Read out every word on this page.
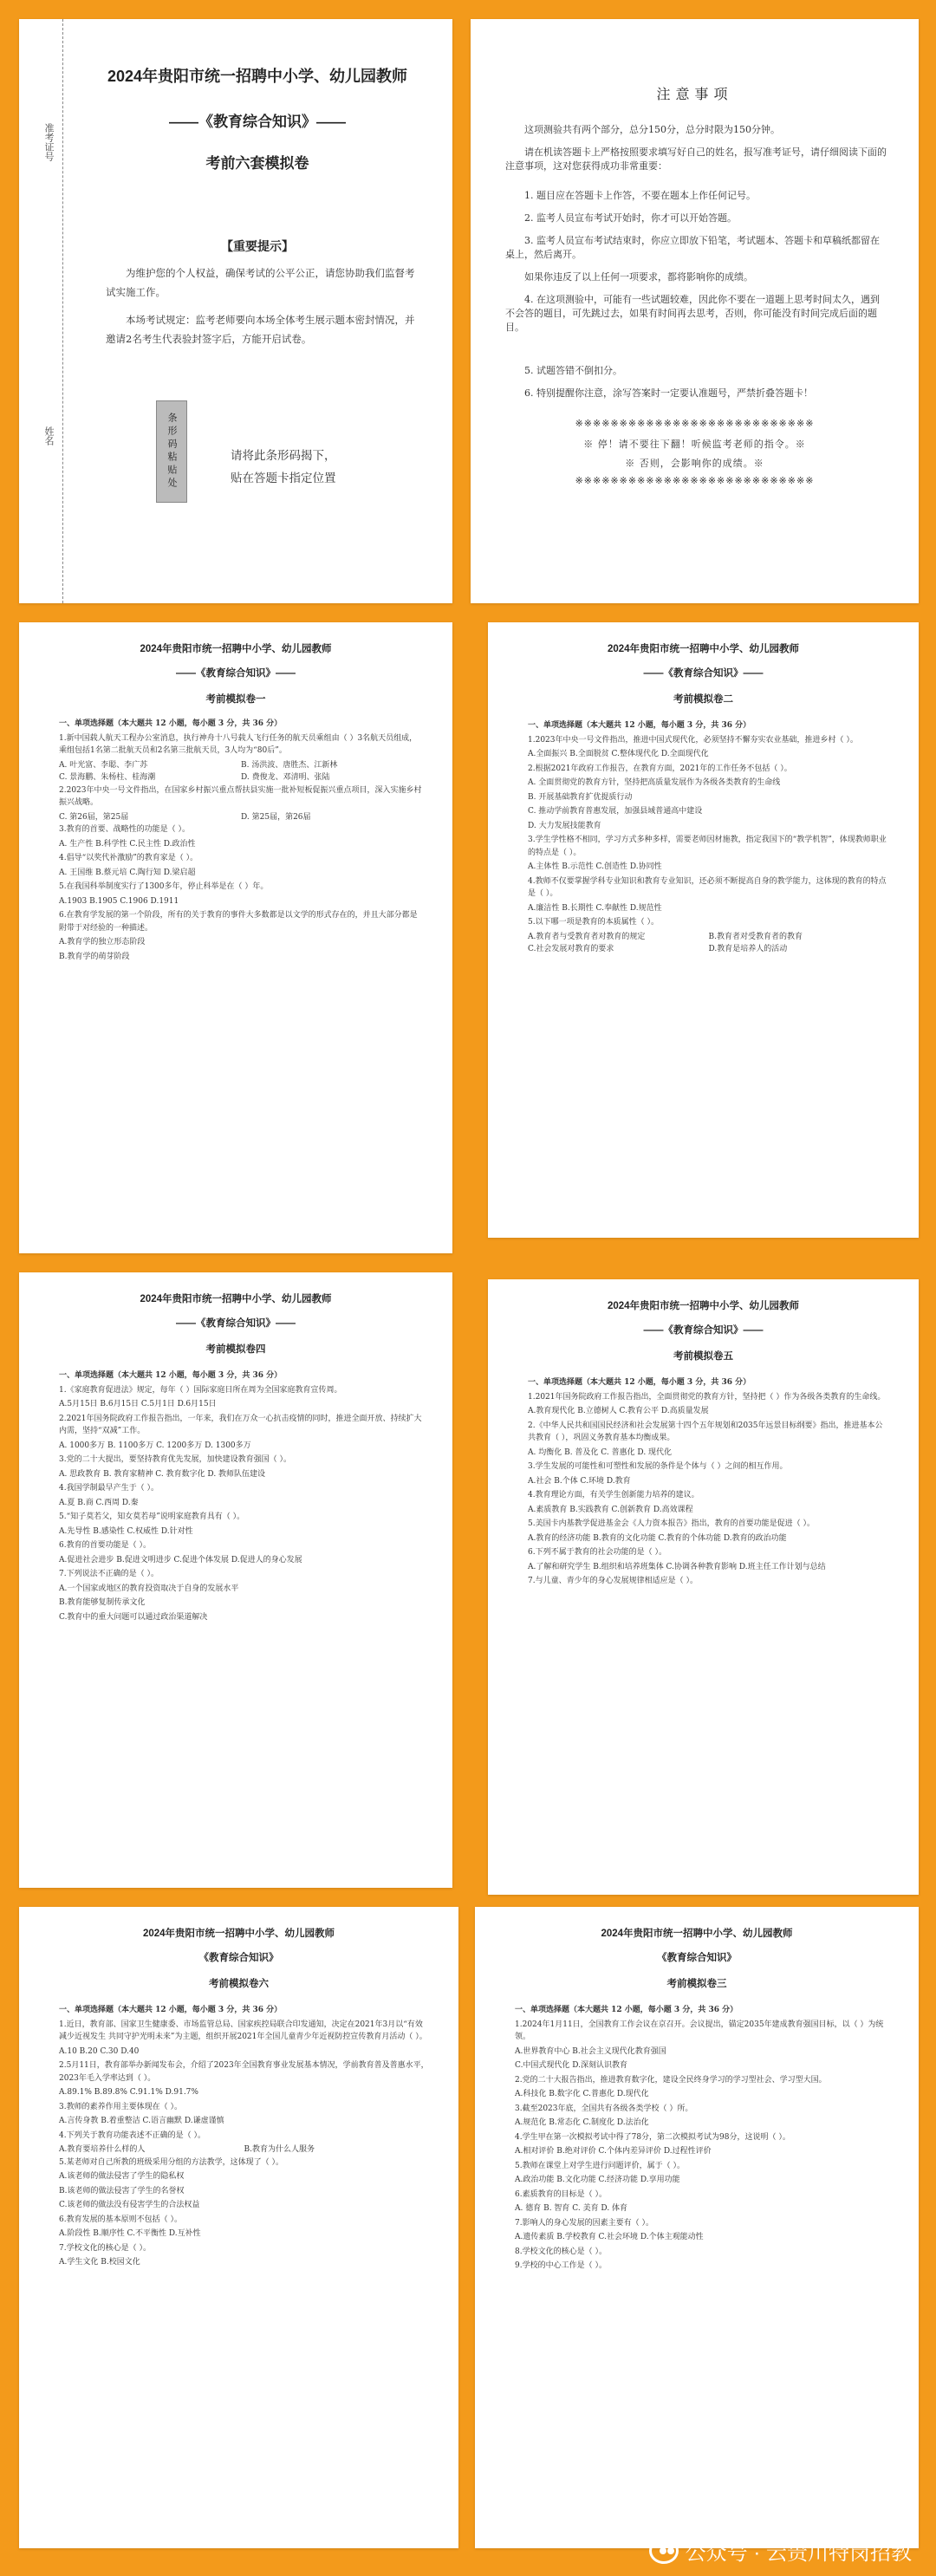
准考证号
姓名
2024年贵阳市统一招聘中小学、幼儿园教师
——《教育综合知识》——
考前六套模拟卷
【重要提示】
为维护您的个人权益，确保考试的公平公正，请您协助我们监督考试实施工作。
本场考试规定：监考老师要向本场全体考生展示题本密封情况，并邀请2名考生代表验封签字后，方能开启试卷。
条形码粘贴处	请将此条形码揭下，
贴在答题卡指定位置
注意事项
这项测验共有两个部分，总分150分，总分时限为150分钟。
请在机读答题卡上严格按照要求填写好自己的姓名，报写准考证号，请仔细阅读下面的注意事项，这对您获得成功非常重要：
1. 题目应在答题卡上作答，不要在题本上作任何记号。
2. 监考人员宣布考试开始时，你才可以开始答题。
3. 监考人员宣布考试结束时，你应立即放下铅笔，考试题本、答题卡和草稿纸都留在桌上，然后离开。
如果你违反了以上任何一项要求，都将影响你的成绩。
4. 在这项测验中，可能有一些试题较难，因此你不要在一道题上思考时间太久，遇到不会答的题目，可先跳过去，如果有时间再去思考，否则，你可能没有时间完成后面的题目。
5. 试题答错不倒扣分。
6. 特别提醒你注意，涂写答案时一定要认准题号，严禁折叠答题卡！
※※※※※※※※※※※※※※※※※※※※※※※※※※※
※ 停！请不要往下翻！听候监考老师的指令。※
※ 否则，会影响你的成绩。※
※※※※※※※※※※※※※※※※※※※※※※※※※※※
2024年贵阳市统一招聘中小学、幼儿园教师
——《教育综合知识》——
考前模拟卷一

一、单项选择题（本大题共 12 小题，每小题 3 分，共 36 分）

1.新中国载人航天工程办公室消息，执行神舟十八号载人飞行任务的航天员乘组由（ ）3名航天员组成，乘组包括1名第二批航天员和2名第三批航天员，3人均为“80后”。

A. 叶光富、李聪、李广苏	B. 汤洪波、唐胜杰、江新林
C. 景海鹏、朱杨柱、桂海潮	D. 费俊龙、邓清明、张陆

2.2023年中央一号文件指出，在国家乡村振兴重点帮扶县实施一批补短板促振兴重点项目，深入实施乡村振兴战略。

C. 第26届，第25届	D. 第25届，第26届

3.教育的首要、战略性的功能是（ ）。

A. 生产性 B.科学性 C.民主性 D.政治性

4.倡导“以奖代补激励”的教育家是（ ）。

A. 王国维 B.蔡元培 C.陶行知 D.梁启超

5.在我国科举制度实行了1300多年，停止科举是在（ ）年。

A.1903 B.1905 C.1906 D.1911

6.在教育学发展的第一个阶段，所有的关于教育的事件大多数都是以文学的形式存在的，并且大部分都是附带于对经验的一种描述。

A.教育学的独立形态阶段

B.教育学的萌芽阶段

2024年贵阳市统一招聘中小学、幼儿园教师
——《教育综合知识》——
考前模拟卷二

一、单项选择题（本大题共 12 小题，每小题 3 分，共 36 分）

1.2023年中央一号文件指出，推进中国式现代化，必须坚持不懈夯实农业基础，推进乡村（ ）。

A.全面振兴 B.全面脱贫 C.整体现代化 D.全面现代化

2.根据2021年政府工作报告，在教育方面，2021年的工作任务不包括（ ）。

A. 全面贯彻党的教育方针，坚持把高质量发展作为各级各类教育的生命线

B. 开展基础教育扩优提质行动

C. 推动学前教育普惠发展，加强县域普通高中建设

D. 大力发展技能教育

3.学生学性格不相同，学习方式多种多样，需要老师因材施教，指定我国下的“教学机智”，体现教师职业的特点是（ ）。

A.主体性 B.示范性 C.创造性 D.协同性

4.教师不仅要掌握学科专业知识和教育专业知识，还必须不断提高自身的教学能力，这体现的教育的特点是（ ）。

A.廉洁性 B.长期性 C.奉献性 D.规范性

5.以下哪一项是教育的本质属性（ ）。

A.教育者与受教育者对教育的规定	B.教育者对受教育者的教育
C.社会发展对教育的要求	D.教育是培养人的活动
2024年贵阳市统一招聘中小学、幼儿园教师
——《教育综合知识》——
考前模拟卷四

一、单项选择题（本大题共 12 小题，每小题 3 分，共 36 分）

1.《家庭教育促进法》规定，每年（ ）国际家庭日所在周为全国家庭教育宣传周。

A.5月15日 B.6月15日 C.5月1日 D.6月15日

2.2021年国务院政府工作报告指出，一年来，我们在万众一心抗击疫情的同时，推进全面开放、持续扩大内需，坚持“双减”工作。

A. 1000多万 B. 1100多万 C. 1200多万 D. 1300多万

3.党的二十大提出，要坚持教育优先发展，加快建设教育强国（ ）。

A. 思政教育 B. 教育家精神 C. 教育数字化 D. 教师队伍建设

4.我国学制最早产生于（ ）。

A.夏 B.商 C.西周 D.秦

5.“知子莫若父，知女莫若母”说明家庭教育具有（ ）。

A.先导性 B.感染性 C.权威性 D.针对性

6.教育的首要功能是（ ）。

A.促进社会进步 B.促进文明进步 C.促进个体发展 D.促进人的身心发展

7.下列说法不正确的是（ ）。

A.一个国家或地区的教育投资取决于自身的发展水平

B.教育能够复制传承文化

C.教育中的重大问题可以通过政治渠道解决

2024年贵阳市统一招聘中小学、幼儿园教师
——《教育综合知识》——
考前模拟卷五

一、单项选择题（本大题共 12 小题，每小题 3 分，共 36 分）

1.2021年国务院政府工作报告指出，全面贯彻党的教育方针，坚持把（ ）作为各级各类教育的生命线。

A.教育现代化 B.立德树人 C.教育公平 D.高质量发展

2.《中华人民共和国国民经济和社会发展第十四个五年规划和2035年远景目标纲要》指出，推进基本公共教育（ ），巩固义务教育基本均衡成果。

A. 均衡化 B. 普及化 C. 普惠化 D. 现代化

3.学生发展的可能性和可塑性和发展的条件是个体与（ ）之间的相互作用。

A.社会 B.个体 C.环境 D.教育

4.教育理论方面，有关学生创新能力培养的建议。

A.素质教育 B.实践教育 C.创新教育 D.高效课程

5.美国卡内基教学促进基金会《人力资本报告》指出，教育的首要功能是促进（ ）。

A.教育的经济功能 B.教育的文化功能 C.教育的个体功能 D.教育的政治功能

6.下列不属于教育的社会功能的是（ ）。

A.了解和研究学生 B.组织和培养班集体 C.协调各种教育影响 D.班主任工作计划与总结

7.与儿童、青少年的身心发展规律相适应是（ ）。

2024年贵阳市统一招聘中小学、幼儿园教师
《教育综合知识》
考前模拟卷六

一、单项选择题（本大题共 12 小题，每小题 3 分，共 36 分）

1.近日，教育部、国家卫生健康委、市场监管总局、国家疾控局联合印发通知，决定在2021年3月以“有效减少近视发生 共同守护光明未来”为主题，组织开展2021年全国儿童青少年近视防控宣传教育月活动（ ）。

A.10 B.20 C.30 D.40

2.5月11日，教育部举办新闻发布会，介绍了2023年全国教育事业发展基本情况，学前教育普及普惠水平，2023年毛入学率达到（ ）。

A.89.1% B.89.8% C.91.1% D.91.7%

3.教师的素养作用主要体现在（ ）。

A.言传身教 B.着重整洁 C.语言幽默 D.谦虚谨慎

4.下列关于教育功能表述不正确的是（ ）。

A.教育要培养什么样的人	B.教育为什么人服务

5.某老师对自己所教的班级采用分组的方法教学，这体现了（ ）。

A.该老师的做法侵害了学生的隐私权

B.该老师的做法侵害了学生的名誉权

C.该老师的做法没有侵害学生的合法权益

6.教育发展的基本原则不包括（ ）。

A.阶段性 B.顺序性 C.不平衡性 D.互补性

7.学校文化的核心是（ ）。

A.学生文化 B.校园文化

2024年贵阳市统一招聘中小学、幼儿园教师
《教育综合知识》
考前模拟卷三

一、单项选择题（本大题共 12 小题，每小题 3 分，共 36 分）

1.2024年1月11日，全国教育工作会议在京召开。会议提出，锚定2035年建成教育强国目标，以（ ）为统领。

A.世界教育中心 B.社会主义现代化教育强国

C.中国式现代化 D.深刻认识教育

2.党的二十大报告指出，推进教育数字化，建设全民终身学习的学习型社会、学习型大国。

A.科技化 B.数字化 C.普惠化 D.现代化

3.截至2023年底，全国共有各级各类学校（ ）所。

A.规范化 B.常态化 C.制度化 D.法治化

4.学生甲在第一次模拟考试中得了78分，第二次模拟考试为98分，这说明（ ）。

A.相对评价 B.绝对评价 C.个体内差异评价 D.过程性评价

5.教师在课堂上对学生进行问题评价，属于（ ）。

A.政治功能 B.文化功能 C.经济功能 D.享用功能

6.素质教育的目标是（ ）。

A. 德育 B. 智育 C. 美育 D. 体育

7.影响人的身心发展的因素主要有（ ）。

A.遗传素质 B.学校教育 C.社会环境 D.个体主观能动性

8.学校文化的核心是（ ）。

9.学校的中心工作是（ ）。

公众号 · 云贵川特岗招教
